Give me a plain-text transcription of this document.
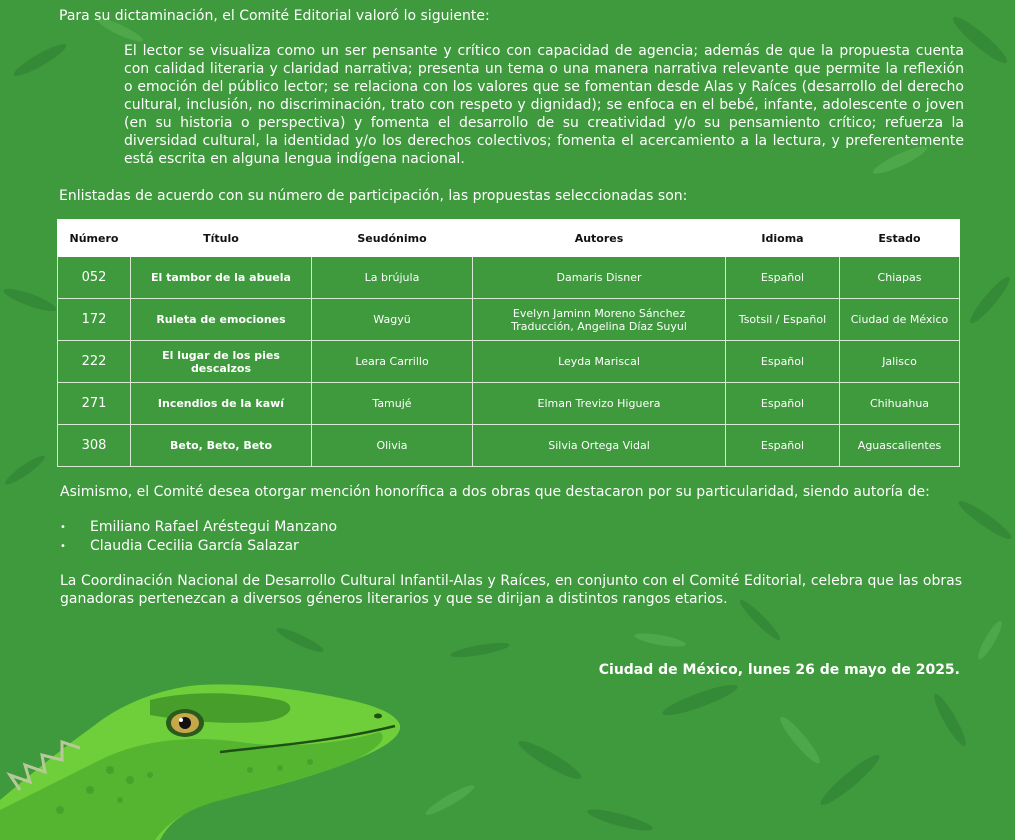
Para su dictaminación, el Comité Editorial valoró lo siguiente:
El lector se visualiza como un ser pensante y crítico con capacidad de agencia; además de que la propuesta cuenta con calidad literaria y claridad narrativa; presenta un tema o una manera narrativa relevante que permite la reflexión o emoción del público lector; se relaciona con los valores que se fomentan desde Alas y Raíces (desarrollo del derecho cultural, inclusión, no discriminación, trato con respeto y dignidad); se enfoca en el bebé, infante, adolescente o joven (en su historia o perspectiva) y fomenta el desarrollo de su creatividad y/o su pensamiento crítico; refuerza la diversidad cultural, la identidad y/o los derechos colectivos; fomenta el acercamiento a la lectura, y preferentemente está escrita en alguna lengua indígena nacional.
Enlistadas de acuerdo con su número de participación, las propuestas seleccionadas son:
Número	Título	Seudónimo	Autores	Idioma	Estado
052	El tambor de la abuela	La brújula	Damaris Disner	Español	Chiapas
172	Ruleta de emociones	Wagyü	Evelyn Jaminn Moreno Sánchez
Traducción, Angelina Díaz Suyul	Tsotsil / Español	Ciudad de México
222	El lugar de los pies descalzos	Leara Carrillo	Leyda Mariscal	Español	Jalisco
271	Incendios de la kawí	Tamujé	Elman Trevizo Higuera	Español	Chihuahua
308	Beto, Beto, Beto	Olivia	Silvia Ortega Vidal	Español	Aguascalientes
Asimismo, el Comité desea otorgar mención honorífica a dos obras que destacaron por su particularidad, siendo autoría de:
• Emiliano Rafael Aréstegui Manzano
• Claudia Cecilia García Salazar
La Coordinación Nacional de Desarrollo Cultural Infantil-Alas y Raíces, en conjunto con el Comité Editorial, celebra que las obras ganadoras pertenezcan a diversos géneros literarios y que se dirijan a distintos rangos etarios.
Ciudad de México, lunes 26 de mayo de 2025.
